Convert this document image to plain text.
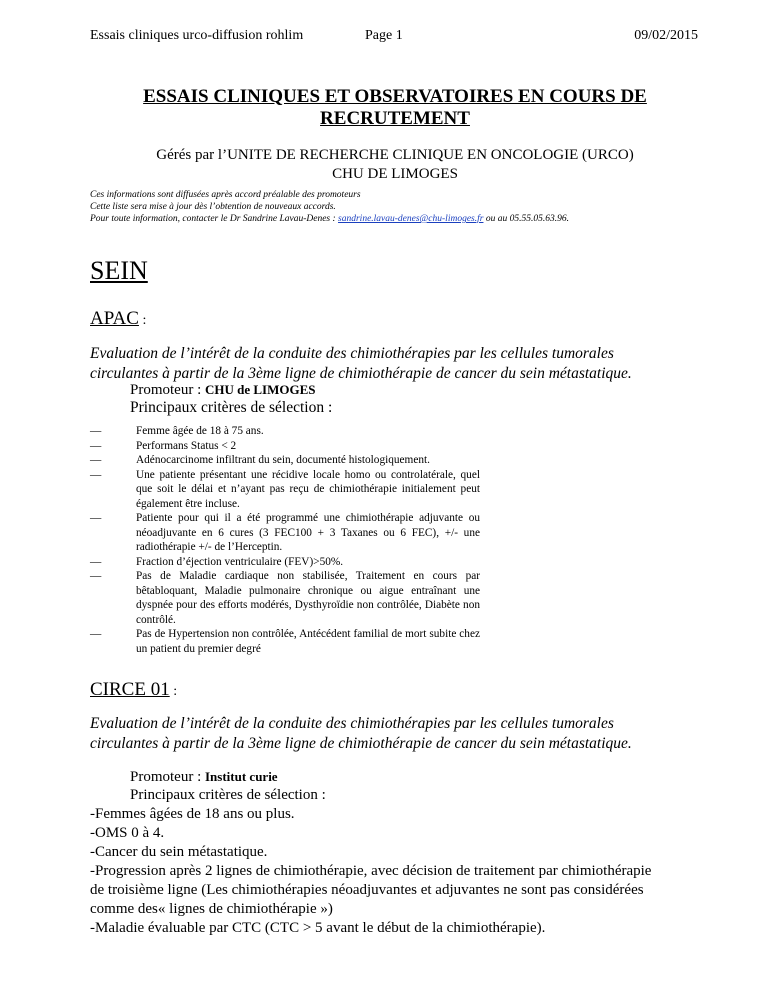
Essais cliniques urco-diffusion rohlim	Page 1	09/02/2015
ESSAIS CLINIQUES ET OBSERVATOIRES EN COURS DE
RECRUTEMENT
Gérés par l’UNITE DE RECHERCHE CLINIQUE EN ONCOLOGIE (URCO)
CHU DE LIMOGES
Ces informations sont diffusées après accord préalable des promoteurs
Cette liste sera mise à jour dès l’obtention de nouveaux accords.
Pour toute information, contacter le Dr Sandrine Lavau-Denes : sandrine.lavau-denes@chu-limoges.fr ou au 05.55.05.63.96.
SEIN
APAC :
Evaluation de l’intérêt de la conduite des chimiothérapies par les cellules tumorales
circulantes à partir de la 3ème ligne de chimiothérapie de cancer du sein métastatique.
Promoteur : CHU de LIMOGES
Principaux critères de sélection :
—	Femme âgée de 18 à 75 ans.
—	Performans Status < 2
—	Adénocarcinome infiltrant du sein, documenté histologiquement.
—	Une patiente présentant une récidive locale homo ou controlatérale, quel que soit le délai et n’ayant pas reçu de chimiothérapie initialement peut également être incluse.
—	Patiente pour qui il a été programmé une chimiothérapie adjuvante ou néoadjuvante en 6 cures (3 FEC100 + 3 Taxanes ou 6 FEC), +/- une radiothérapie +/- de l’Herceptin.
—	Fraction d’éjection ventriculaire (FEV)>50%.
—	Pas de Maladie cardiaque non stabilisée, Traitement en cours par bêtabloquant, Maladie pulmonaire chronique ou aigue entraînant une dyspnée pour des efforts modérés, Dysthyroïdie non contrôlée, Diabète non contrôlé.
—	Pas de Hypertension non contrôlée, Antécédent familial de mort subite chez un patient du premier degré
CIRCE 01 :
Evaluation de l’intérêt de la conduite des chimiothérapies par les cellules tumorales
circulantes à partir de la 3ème ligne de chimiothérapie de cancer du sein métastatique.
Promoteur : Institut curie
Principaux critères de sélection :
-Femmes âgées de 18 ans ou plus.
-OMS 0 à 4.
-Cancer du sein métastatique.
-Progression après 2 lignes de chimiothérapie, avec décision de traitement par chimiothérapie
de troisième ligne (Les chimiothérapies néoadjuvantes et adjuvantes ne sont pas considérées
comme des« lignes de chimiothérapie »)
-Maladie évaluable par CTC (CTC > 5 avant le début de la chimiothérapie).
